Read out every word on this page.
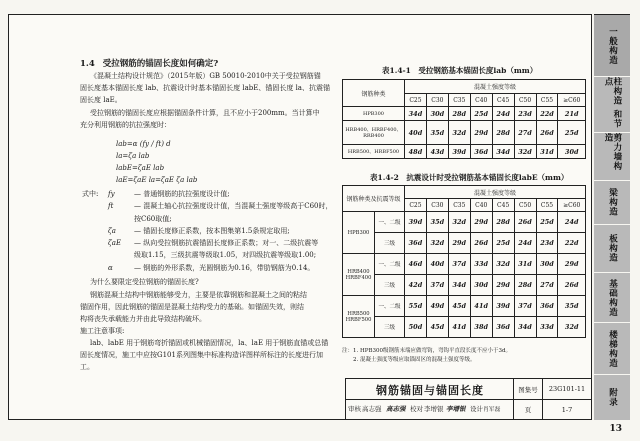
一般构造
柱构造 和节点
剪力墙构造
梁构造
板构造
基础构造
楼梯构造
附录
1.4 受拉钢筋的锚固长度如何确定?
《混凝土结构设计规范》（2015年版）GB 50010-2010中关于受拉钢筋锚
固长度基本锚固长度 lab、抗震设计时基本锚固长度 labE、锚固长度 la、抗震锚
固长度 laE。
受拉钢筋的锚固长度应根据锚固条件计算，且不应小于200mm。当计算中
充分利用钢筋的抗拉强度时：
lab=α (fy / ft) d
la=ζa lab
labE=ζaE lab
laE=ζaE la=ζaE ζa lab
式中:	fy	— 普通钢筋的抗拉强度设计值;
ft	— 混凝土轴心抗拉强度设计值，当混凝土强度等级高于C60时，
按C60取值;
ζa	— 锚固长度修正系数，按本图集第1.5条规定取用;
ζaE	— 纵向受拉钢筋抗震锚固长度修正系数；对一、二级抗震等
级取1.15，三级抗震等级取1.05，对四级抗震等级取1.00;
α	— 钢筋的外形系数，光圆钢筋为0.16，带肋钢筋为0.14。
为什么要限定受拉钢筋的锚固长度?
钢筋混凝土结构中钢筋能够受力，主要是依靠钢筋和混凝土之间的粘结
锚固作用，因此钢筋的锚固是混凝土结构受力的基础。如锚固失效，则结
构将丧失承载能力并由此导致结构破坏。
施工注意事项:
lab、labE 用于钢筋弯折锚固或机械锚固情况，la、laE 用于钢筋直锚或总锚
固长度情况，施工中应按G101系列图集中标准构造详图样所标注的长度进行加
工。
表1.4-1　受拉钢筋基本锚固长度lab（mm）
钢筋种类	混凝土强度等级							
	C25	C30	C35	C40	C45	C50	C55	≥C60
HPB300	34d	30d	28d	25d	24d	23d	22d	21d
HRB400、HRBF400、RRB400	40d	35d	32d	29d	28d	27d	26d	25d
HRB500、HRBF500	48d	43d	39d	36d	34d	32d	31d	30d
表1.4-2　抗震设计时受拉钢筋基本锚固长度labE（mm）
钢筋种类及抗震等级		混凝土强度等级							
		C25	C30	C35	C40	C45	C50	C55	≥C60
HPB300	一、二级	39d	35d	32d	29d	28d	26d	25d	24d
	三级	36d	32d	29d	26d	25d	24d	23d	22d
HRB400 HRBF400	一、二级	46d	40d	37d	33d	32d	31d	30d	29d
	三级	42d	37d	34d	30d	29d	28d	27d	26d
HRB500 HRBF500	一、二级	55d	49d	45d	41d	39d	37d	36d	35d
	三级	50d	45d	41d	38d	36d	34d	33d	32d
注：1. HPB300级钢筋末端应做弯钩，弯钩平直段长度不应小于3d。
2. 混凝土强度等级应取锚固区的混凝土强度等级。
钢筋锚固与锚固长度	图集号 23G101-11
页	1-7
审核 高志强 高志强 校对 李增银 李增银 设计 肖军磊
13
